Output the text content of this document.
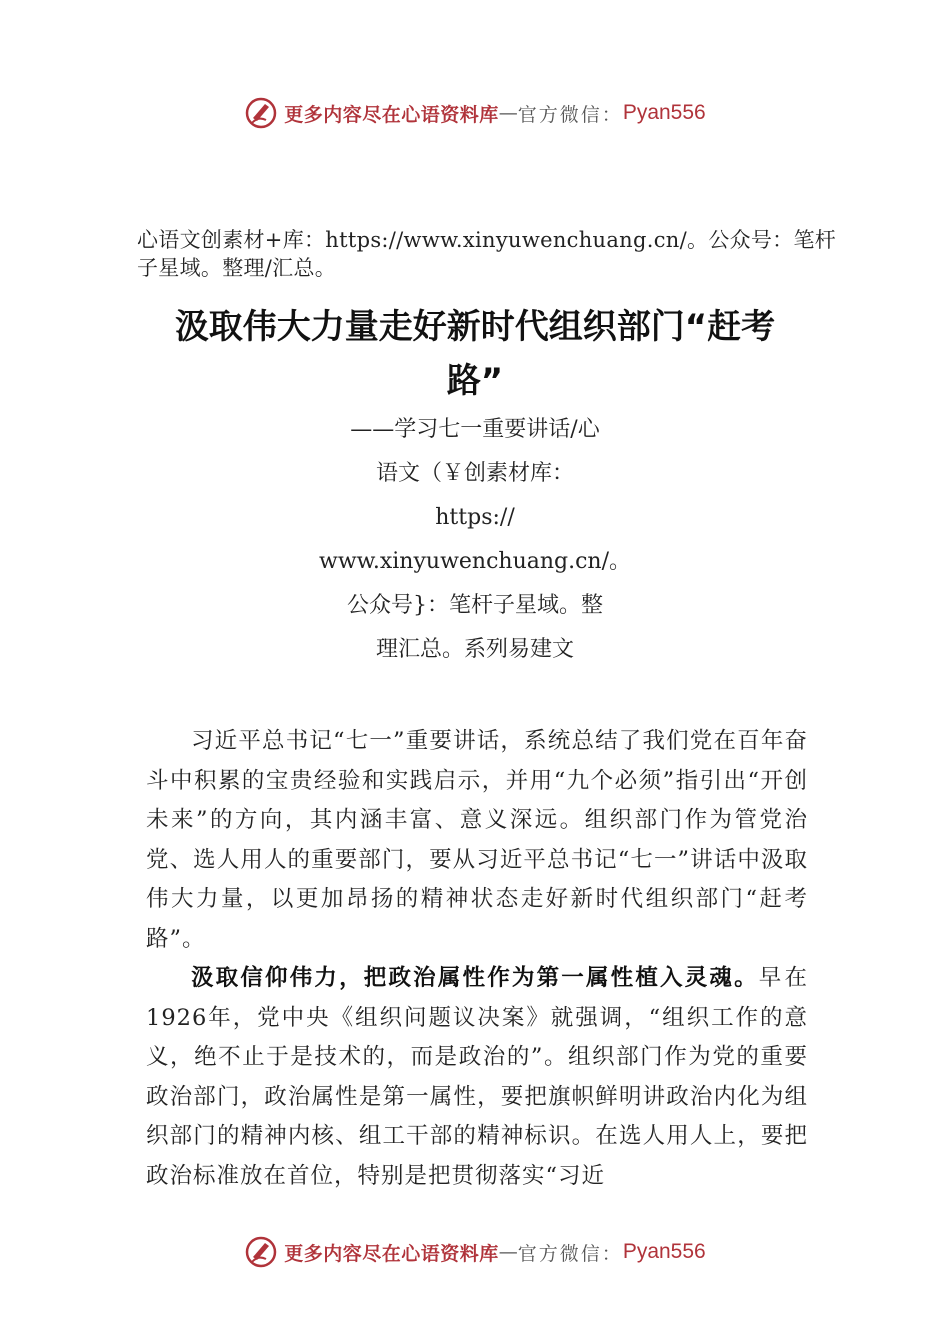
更多内容尽在心语资料库 — 官方微信： Pyan556
心语文创素材+库：https://www.xinyuwenchuang.cn/。公众号：笔杆子星域。整理/汇总。
汲取伟大力量走好新时代组织部门“赶考
路”
——学习七一重要讲话/心
语文（￥创素材库：
https://
www.xinyuwenchuang.cn/。
公众号}：笔杆子星域。整
理汇总。系列易建文

习近平总书记“七一”重要讲话，系统总结了我们党在百年奋斗中积累的宝贵经验和实践启示，并用“九个必须”指引出“开创未来”的方向，其内涵丰富、意义深远。组织部门作为管党治党、选人用人的重要部门，要从习近平总书记“七一”讲话中汲取伟大力量，以更加昂扬的精神状态走好新时代组织部门“赶考路”。

汲取信仰伟力，把政治属性作为第一属性植入灵魂。早在1926年，党中央《组织问题议决案》就强调，“组织工作的意义，绝不止于是技术的，而是政治的”。组织部门作为党的重要政治部门，政治属性是第一属性，要把旗帜鲜明讲政治内化为组织部门的精神内核、组工干部的精神标识。在选人用人上，要把政治标准放在首位，特别是把贯彻落实“习近

更多内容尽在心语资料库 — 官方微信： Pyan556
